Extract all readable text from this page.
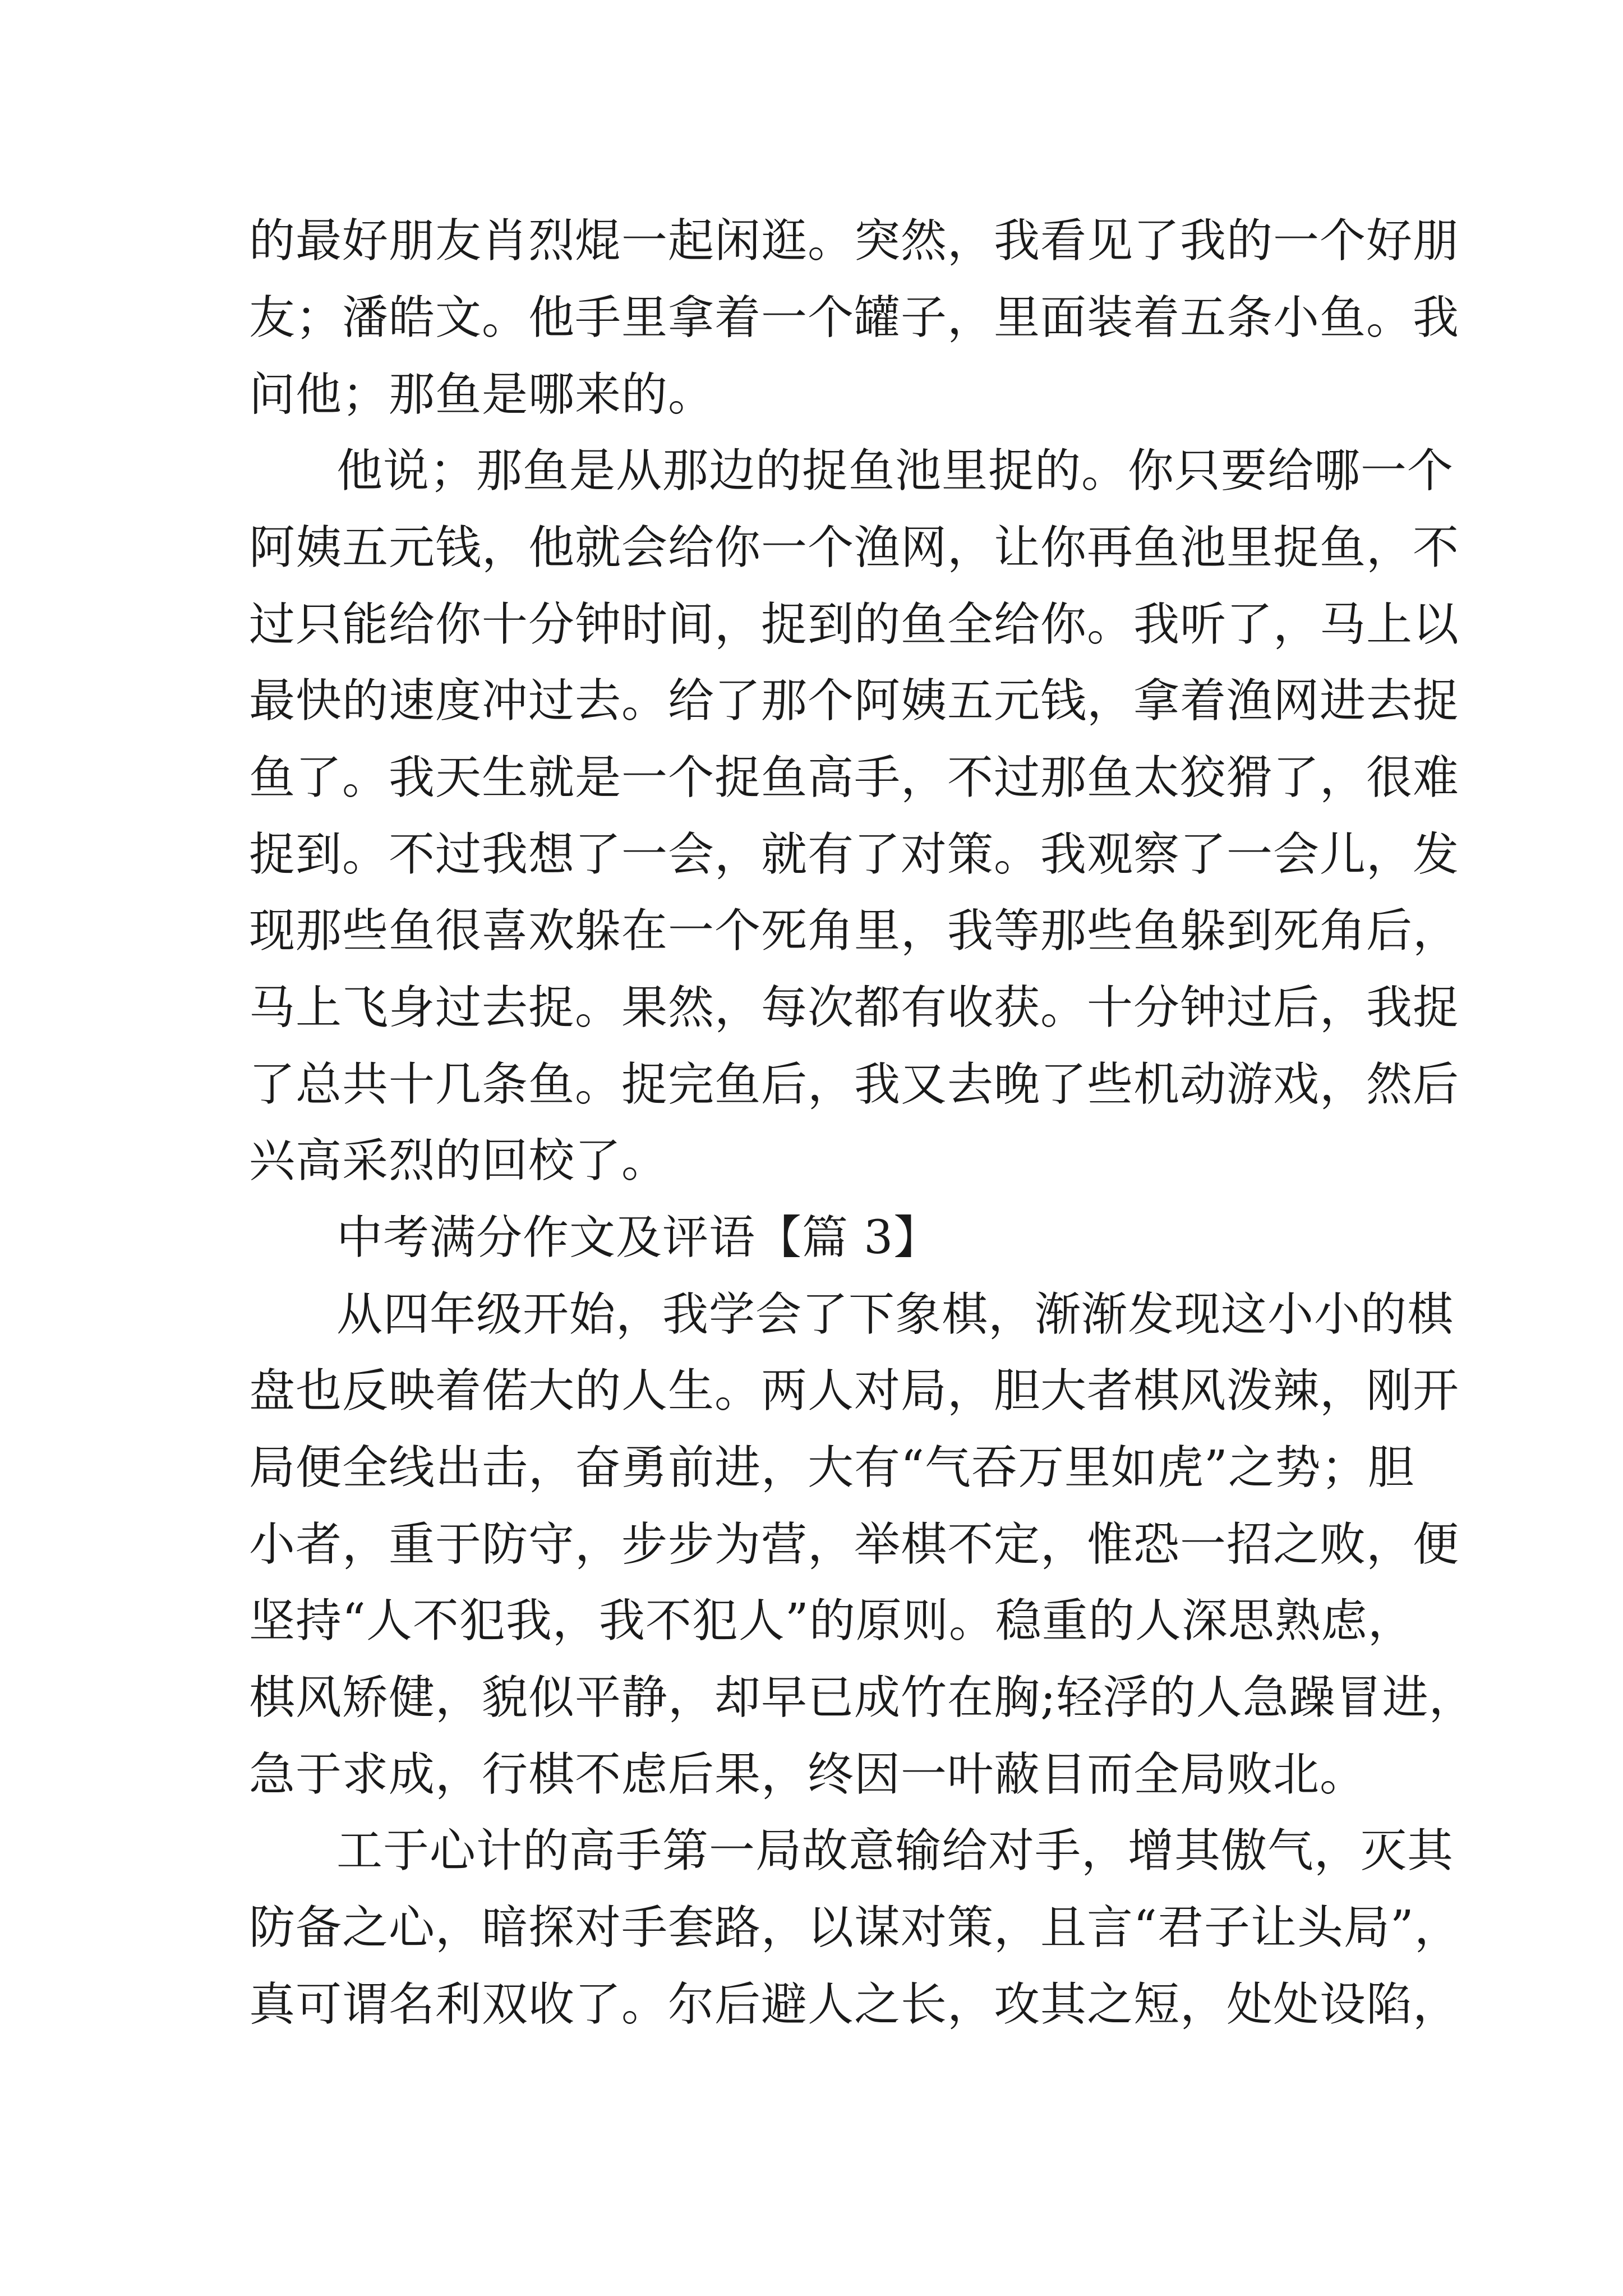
的最好朋友肖烈焜一起闲逛。突然，我看见了我的一个好朋
友；潘皓文。他手里拿着一个罐子，里面装着五条小鱼。我
问他；那鱼是哪来的。
他说；那鱼是从那边的捉鱼池里捉的。你只要给哪一个
阿姨五元钱，他就会给你一个渔网，让你再鱼池里捉鱼，不
过只能给你十分钟时间，捉到的鱼全给你。我听了，马上以
最快的速度冲过去。给了那个阿姨五元钱，拿着渔网进去捉
鱼了。我天生就是一个捉鱼高手，不过那鱼太狡猾了，很难
捉到。不过我想了一会，就有了对策。我观察了一会儿，发
现那些鱼很喜欢躲在一个死角里，我等那些鱼躲到死角后，
马上飞身过去捉。果然，每次都有收获。十分钟过后，我捉
了总共十几条鱼。捉完鱼后，我又去晚了些机动游戏，然后
兴高采烈的回校了。
中考满分作文及评语【篇 3】
从四年级开始，我学会了下象棋，渐渐发现这小小的棋
盘也反映着偌大的人生。两人对局，胆大者棋风泼辣，刚开
局便全线出击，奋勇前进，大有“气吞万里如虎”之势；胆
小者，重于防守，步步为营，举棋不定，惟恐一招之败，便
坚持“人不犯我，我不犯人”的原则。稳重的人深思熟虑，
棋风矫健，貌似平静，却早已成竹在胸;轻浮的人急躁冒进，
急于求成，行棋不虑后果，终因一叶蔽目而全局败北。
工于心计的高手第一局故意输给对手，增其傲气，灭其
防备之心，暗探对手套路，以谋对策，且言“君子让头局”，
真可谓名利双收了。尔后避人之长，攻其之短，处处设陷，
